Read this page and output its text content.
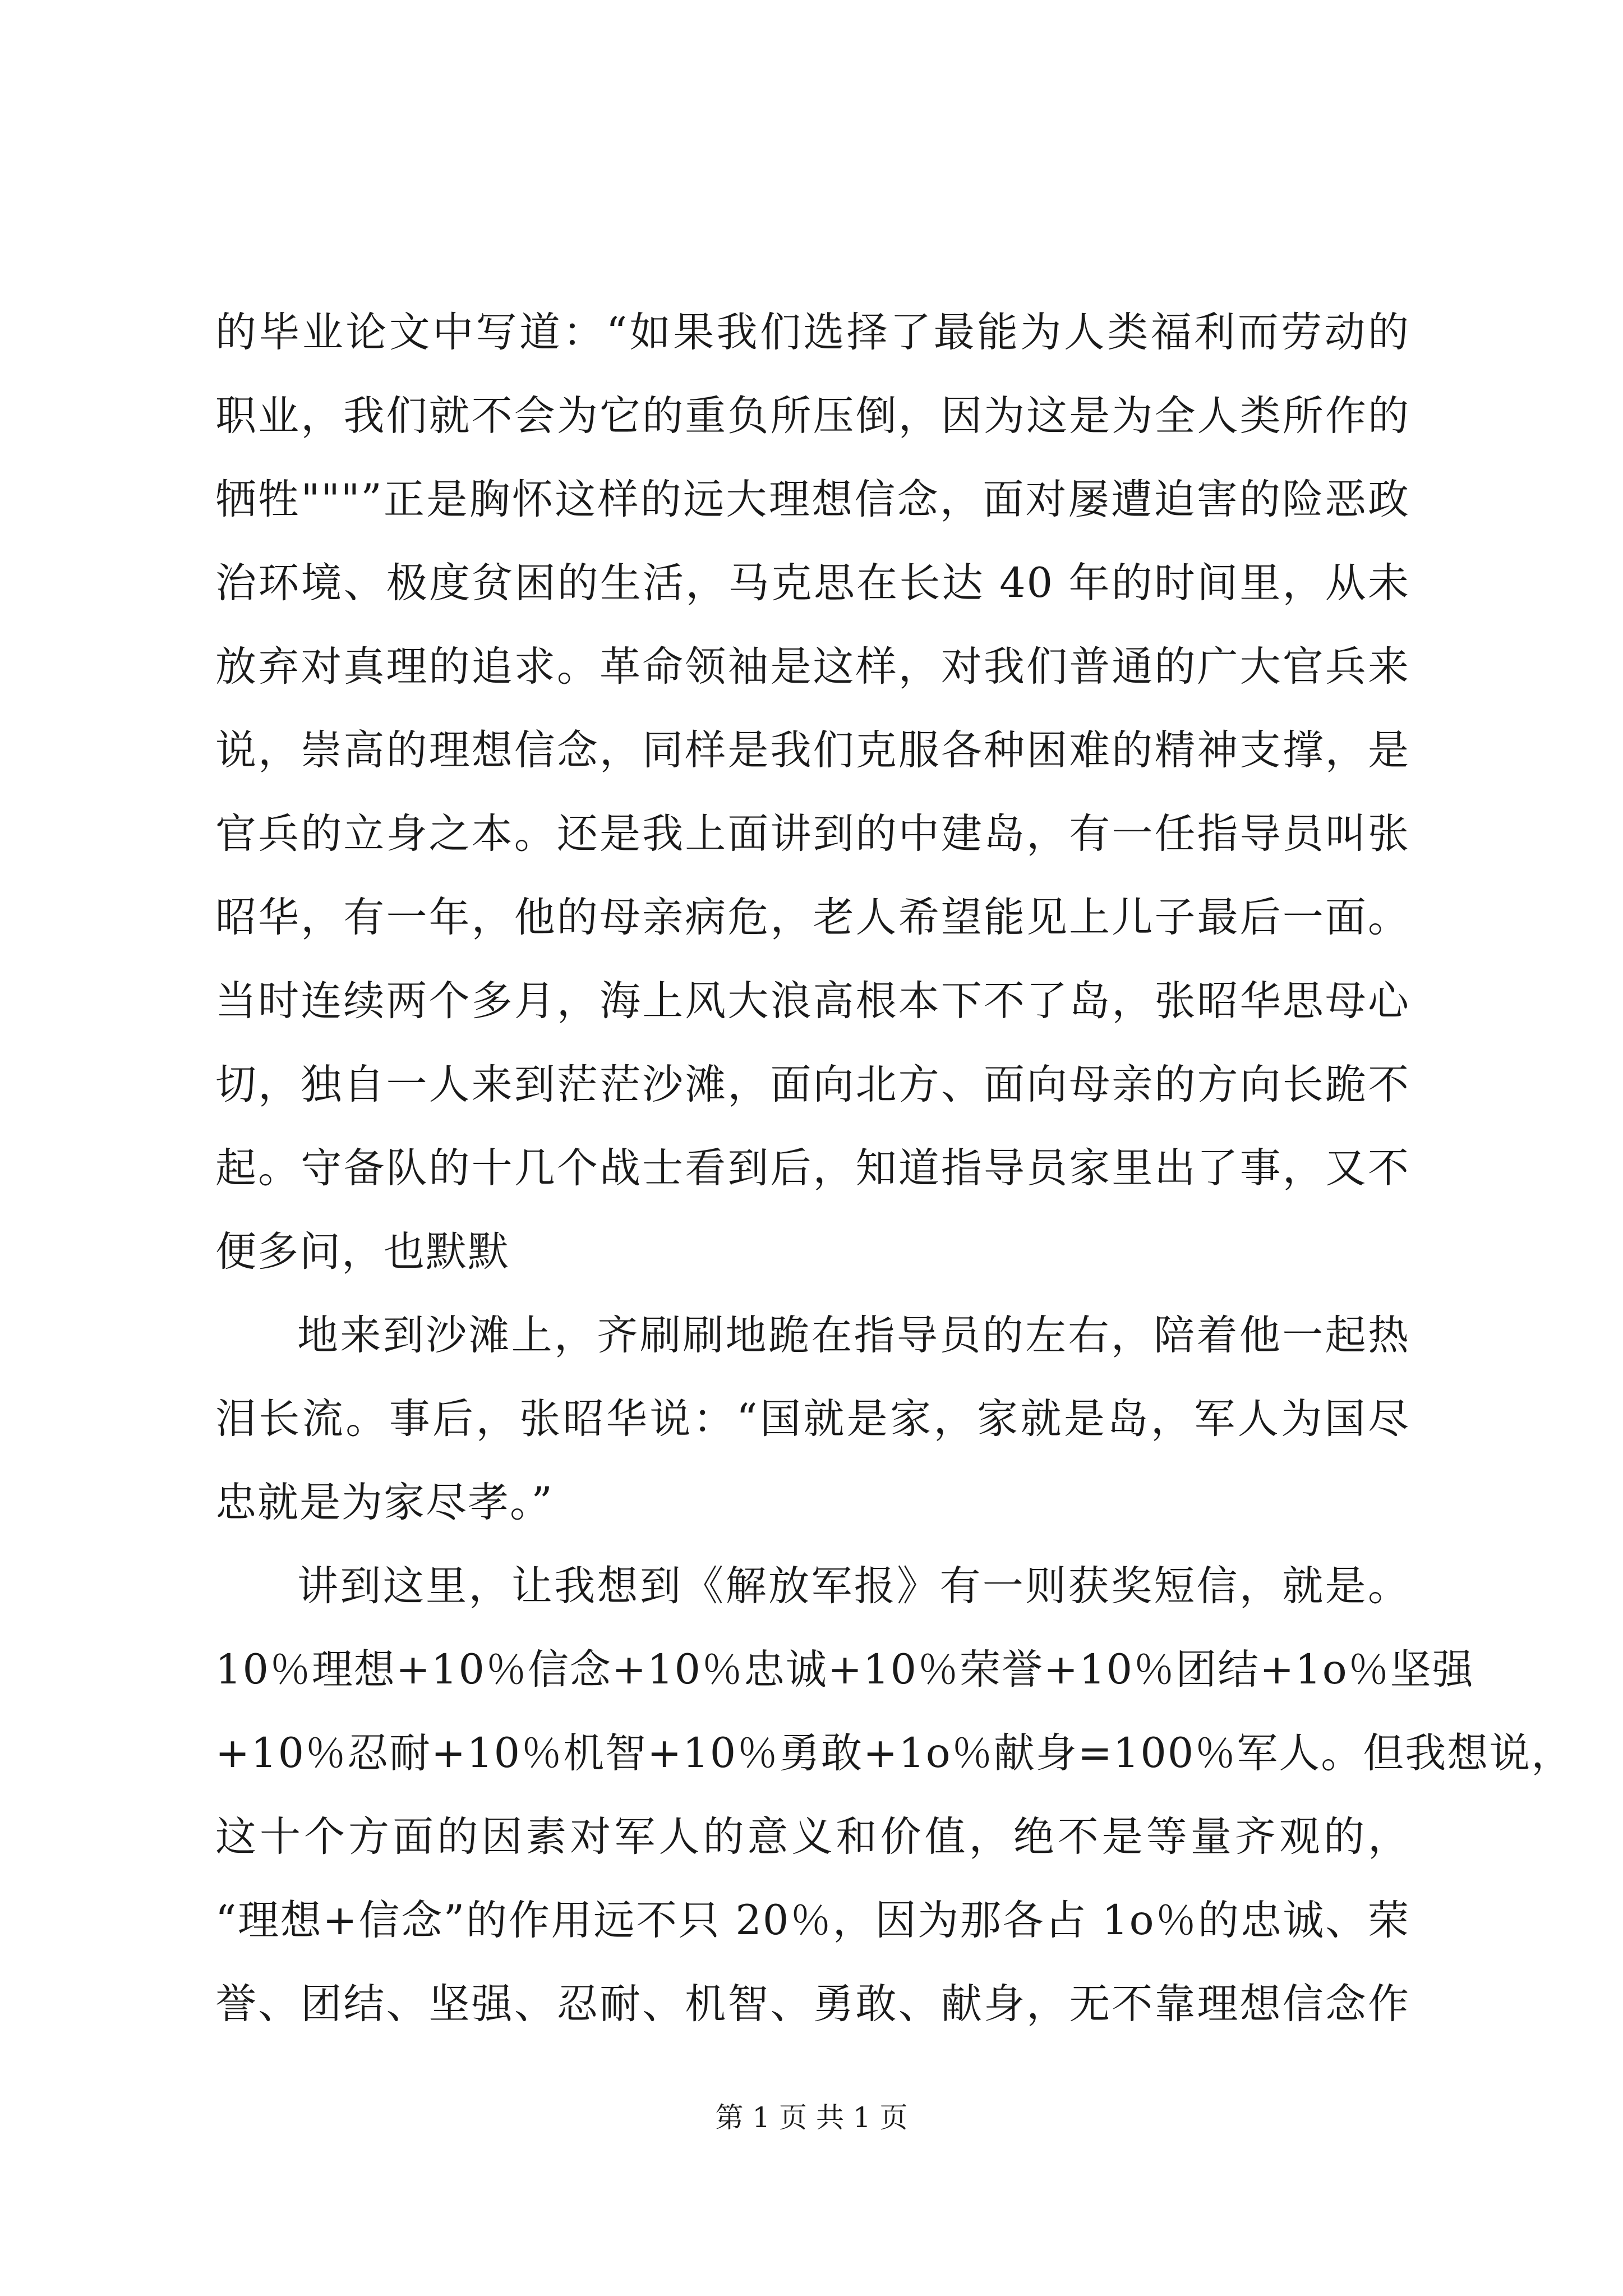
的毕业论文中写道：“如果我们选择了最能为人类福利而劳动的
职业，我们就不会为它的重负所压倒，因为这是为全人类所作的
牺牲"""”正是胸怀这样的远大理想信念，面对屡遭迫害的险恶政
治环境、极度贫困的生活，马克思在长达 40 年的时间里，从未
放弃对真理的追求。革命领袖是这样，对我们普通的广大官兵来
说，崇高的理想信念，同样是我们克服各种困难的精神支撑，是
官兵的立身之本。还是我上面讲到的中建岛，有一任指导员叫张
昭华，有一年，他的母亲病危，老人希望能见上儿子最后一面。
当时连续两个多月，海上风大浪高根本下不了岛，张昭华思母心
切，独自一人来到茫茫沙滩，面向北方、面向母亲的方向长跪不
起。守备队的十几个战士看到后，知道指导员家里出了事，又不
便多问，也默默
地来到沙滩上，齐刷刷地跪在指导员的左右，陪着他一起热
泪长流。事后，张昭华说：“国就是家，家就是岛，军人为国尽
忠就是为家尽孝。”
讲到这里，让我想到《解放军报》有一则获奖短信，就是。
10％理想+10％信念+10％忠诚+10％荣誉+10％团结+1o％坚强
+10％忍耐+10％机智+10％勇敢+1o％献身=100％军人。但我想说，
这十个方面的因素对军人的意义和价值，绝不是等量齐观的，
“理想+信念”的作用远不只 20％，因为那各占 1o％的忠诚、荣
誉、团结、坚强、忍耐、机智、勇敢、献身，无不靠理想信念作
第 1 页 共 1 页
